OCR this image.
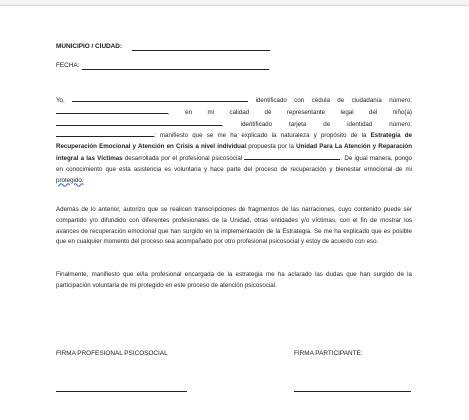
MUNICIPIO / CIUDAD:
FECHA:
Yo,	identificado con cédula de ciudadanía número: , en mi calidad de representante legal del niño(a) , identificado tarjeta de identidad número: ; manifiesto que se me ha explicado la naturaleza y propósito de la Estrategia de Recuperación Emocional y Atención en Crisis a nivel individual propuesta por la Unidad Para La Atención y Reparación integral a las Víctimas desarrollada por el profesional psicosocial	. De igual manera, pongo en conocimiento que esta asistencia es voluntaria y hace parte del proceso de recuperación y bienestar emocional de mi protegido.
Además de lo anterior, autorizo que se realicen transcripciones de fragmentos de las narraciones, cuyo contenido puede ser compartido y/o difundido con diferentes profesionales de la Unidad, otras entidades y/o víctimas, con el fin de mostrar los avances de recuperación emocional que han surgido en la implementación de la Estrategia. Se me ha explicado que es posible que en cualquier momento del proceso sea acompañado por otro profesional psicosocial y estoy de acuerdo con eso.
Finalmente, manifiesto que el/la profesional encargada de la estrategia me ha aclarado las dudas que han surgido de la participación voluntaria de mi protegido en este proceso de atención psicosocial.
FIRMA PROFESIONAL PSICOSOCIAL	FIRMA PARTICIPANTE:
